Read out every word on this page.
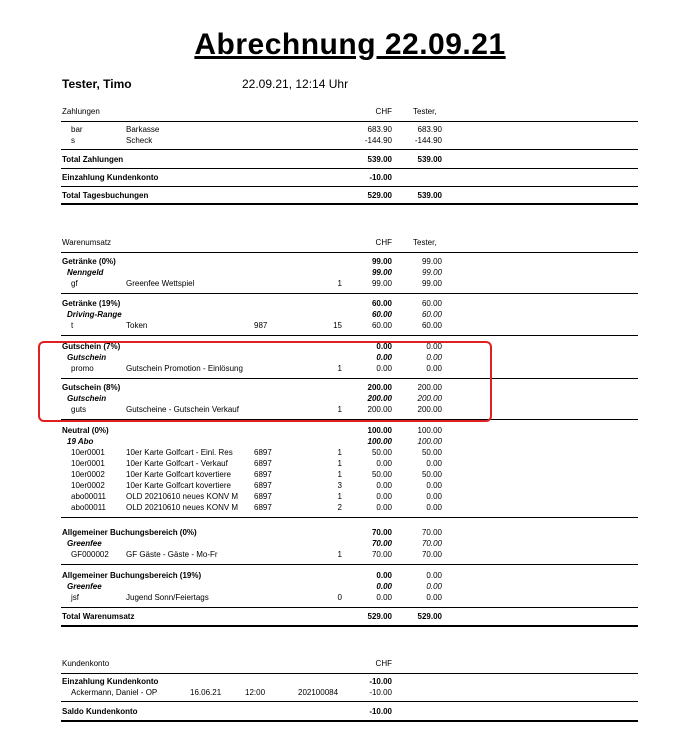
Abrechnung 22.09.21
Tester, Timo	22.09.21, 12:14 Uhr
Zahlungen	CHF	Tester,
bar	Barkasse	683.90	683.90
s	Scheck	-144.90	-144.90
Total Zahlungen	539.00	539.00
Einzahlung Kundenkonto	-10.00
Total Tagesbuchungen	529.00	539.00
Warenumsatz	CHF	Tester,
Getränke (0%)	99.00	99.00
Nenngeld	99.00	99.00
gf	Greenfee Wettspiel	1	99.00	99.00
Getränke (19%)	60.00	60.00
Driving-Range	60.00	60.00
t	Token	987	15	60.00	60.00
Gutschein (7%)	0.00	0.00
Gutschein	0.00	0.00
promo	Gutschein Promotion - Einlösung	1	0.00	0.00
Gutschein (8%)	200.00	200.00
Gutschein	200.00	200.00
guts	Gutscheine - Gutschein Verkauf	1	200.00	200.00
Neutral (0%)	100.00	100.00
19 Abo	100.00	100.00
10er0001	10er Karte Golfcart - Einl. Res	6897	1	50.00	50.00
10er0001	10er Karte Golfcart - Verkauf	6897	1	0.00	0.00
10er0002	10er Karte Golfcart kovertiere	6897	1	50.00	50.00
10er0002	10er Karte Golfcart kovertiere	6897	3	0.00	0.00
abo00011	OLD 20210610 neues KONV M	6897	1	0.00	0.00
abo00011	OLD 20210610 neues KONV M	6897	2	0.00	0.00
Allgemeiner Buchungsbereich (0%)	70.00	70.00
Greenfee	70.00	70.00
GF000002 GF Gäste - Gäste - Mo-Fr	1	70.00	70.00
Allgemeiner Buchungsbereich (19%)	0.00	0.00
Greenfee	0.00	0.00
jsf	Jugend Sonn/Feiertags	0	0.00	0.00
Total Warenumsatz	529.00	529.00
Kundenkonto	CHF
Einzahlung Kundenkonto	-10.00
Ackermann, Daniel - OP	16.06.21	12:00	202100084	-10.00
Saldo Kundenkonto	-10.00
